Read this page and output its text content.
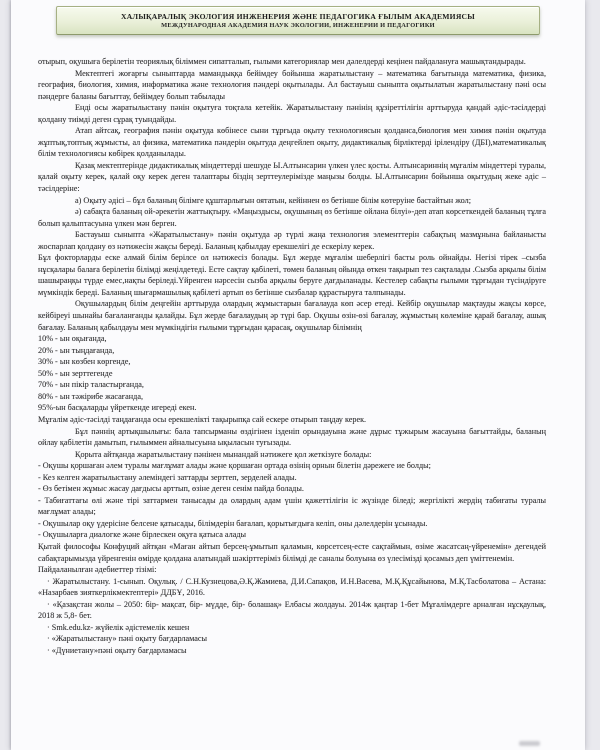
ХАЛЫҚАРАЛЫҚ ЭКОЛОГИЯ ИНЖЕНЕРИЯ ЖӘНЕ ПЕДАГОГИКА ҒЫЛЫМ АКАДЕМИЯСЫ
МЕЖДУНАРОДНАЯ АКАДЕМИЯ НАУК ЭКОЛОГИИ, ИНЖЕНЕРИИ И ПЕДАГОГИКИ

отырып, оқушыға берілетін теориялық біліммен сипатталып, ғылыми категориялар мен дәлелдерді кеңінен пайдалануға машықтандырады.

Мектептегі жоғарғы сыныптарда мамандыққа бейімдеу бойынша жаратылыстану – математика бағытында математика, физика, география, биология, химия, информатика және технология пәндері оқытылады. Ал бастауыш сыныпта оқытылатын жаратылыстану пәні осы пәндерге баланы бағыттау, бейімдеу болып табылады

Енді осы жаратылыстану пәнін оқытуға тоқтала кетейік. Жаратылыстану пәнінің құзіреттілігін арттыруда қандай әдіс-тәсілдерді қолдану тиімді деген сұрақ туындайды.

Атап айтсақ, география пәнін оқытуда көбінесе сыни тұрғыда оқыту технологиясын қолданса,биология мен химия пәнін оқытуда жұптық,топтық жұмысты, ал физика, математика пәндерін оқытуда деңгейлеп оқыту, дидактикалық бірліктерді ірілендіру (ДБІ),математикалық білім технологиясы көбірек қолданылады.

Қазақ мектептерінде дидактикалық міндеттерді шешуде Ы.Алтынсарин үлкен үлес қосты. Алтынсариннің мұғалім міндеттері туралы, қалай оқыту керек, қалай оқу керек деген талаптары біздің зерттеулерімізде маңызы болды. Ы.Алтынсарин бойынша оқытудың жеке әдіс – тәсілдеріне:

а) Оқыту әдісі – бұл баланың білімге құштарлығын оятатын, кейіннен өз бетінше білім көтеруіне бастайтын жол;

ә) сабақта баланың ой-әрекетін жаттықтыру. «Маңыздысы, оқушының өз бетінше ойлана білуі»-деп атап көрсеткендей баланың тұлға болып қалыптасуына үлкен мән берген.

Бастауыш сыныпта «Жаратылыстану» пәнін оқытуда әр түрлі жаңа технология элементтерін сабақтың мазмұнына байланысты жоспарлап қолдану өз нәтижесін жақсы береді. Баланың қабылдау ерекшелігі де ескерілу керек.

Бұл фокторларды еске алмай білім берілсе ол нәтижесіз болады. Бұл жерде мұғалім шеберлігі басты роль ойнайды. Негізі тірек –сызба нұсқалары балаға берілетін білімді жеңілдетеді. Есте сақтау қабілеті, төмен баланың ойында өткен тақырып тез сақталады .Сызба арқылы білім шашыраңқы түрде емес,нақты беріледі.Үйренген нәрсесін сызба арқылы беруге дағдыланады. Кестелер сабақты ғылыми тұрғыдан түсіндіруге мүмкіндік береді. Баланың шығармашылық қабілеті артып өз бетінше сызбалар құрастыруға талпынады.

Оқушылардың білім деңгейін арттыруда олардың жұмыстарын бағалауда көп әсер етеді. Кейбір оқушылар мақтауды жақсы көрсе, кейбіреуі шынайы бағаланғанды қалайды. Бұл жерде бағалаудың әр түрі бар. Оқушы өзін-өзі бағалау, жұмыстың көлеміне қарай бағалау, ашық бағалау. Баланың қабылдауы мен мүмкіндігін ғылыми тұрғыдан қарасақ, оқушылар білімнің

10% - ын оқығанда,

20% - ын тыңдағанда,

30% - ын көзбен көргенде,

50% - ын зерттегенде

70% - ын пікір таластырғанда,

80% - ын тәжірибе жасағанда,

95%-ын басқаларды үйреткенде игереді екен.

Мұғалім әдіс-тәсілді таңдағанда осы ерекшелікті тақырыпқа сай ескере отырып таңдау керек.

Бұл пәннің артықшылығы: бала тапсырманы өздігінен ізденіп орындауына және дұрыс тұжырым жасауына бағыттайды, баланың ойлау қабілетін дамытып, ғылыммен айналысуына ықыласын туғызады.

Қорыта айтқанда жаратылыстану пәнінен мынандай нәтижеге қол жеткізуге болады:

- Оқушы қоршаған әлем туралы мағлұмат алады және қоршаған ортада өзінің орнын білетін дәрежеге ие болды;

- Кез келген жаратылыстану әлеміндегі заттарды зерттеп, зерделей алады.

- Өз бетімен жұмыс жасау дағдысы арттып, өзіне деген сенім пайда болады.

- Табиғаттағы өлі және тірі заттармен танысады да олардың адам үшін қажеттілігін іс жүзінде біледі; жергілікті жердің табиғаты туралы мағлұмат алады;

- Оқушылар оқу үдерісіне белсене қатысады, білімдерін бағалап, қорытығдыға келіп, оны дәлелдерін ұсынады.

- Оқушыларға диалогке және бірлескен оқуға қатыса алады

Қытай философы Конфуций айтқан «Маған айтып берсең-ұмытып қаламын, көрсетсең-есте сақтаймын, өзіме жасатсаң-үйренемін» дегендей сабақтарымызда үйренгенін өмірде қолдана алатындай шәкірттеріміз білімді де саналы болуына өз үлесімізді қосамыз деп үміттенемін.

Пайдаланылған әдебиеттер тізімі:

· Жаратылыстану. 1-сынып. Оқулық. / С.Н.Кузнецова,Ә.Қ.Жамиева, Д.И.Сапақов, И.Н.Васева, М.Қ.Құсайынова, М.Қ.Тасболатова – Астана: «Назарбаев зияткерлікмектептері» ДДБҰ, 2016.

· «Қазақстан жолы – 2050: бір- мақсат, бір- мүдде, бір- болашақ» Елбасы жолдауы. 2014ж қаңтар 1-бет Мұғалімдерге арналған нұсқаулық, 2018 ж 5,8- бет.

· Smk.edu.kz- жүйелік әдістемелік кешен

· «Жаратылыстану» пәні оқыту бағдарламасы

· «Дүниетану»пәні оқыту бағдарламасы
